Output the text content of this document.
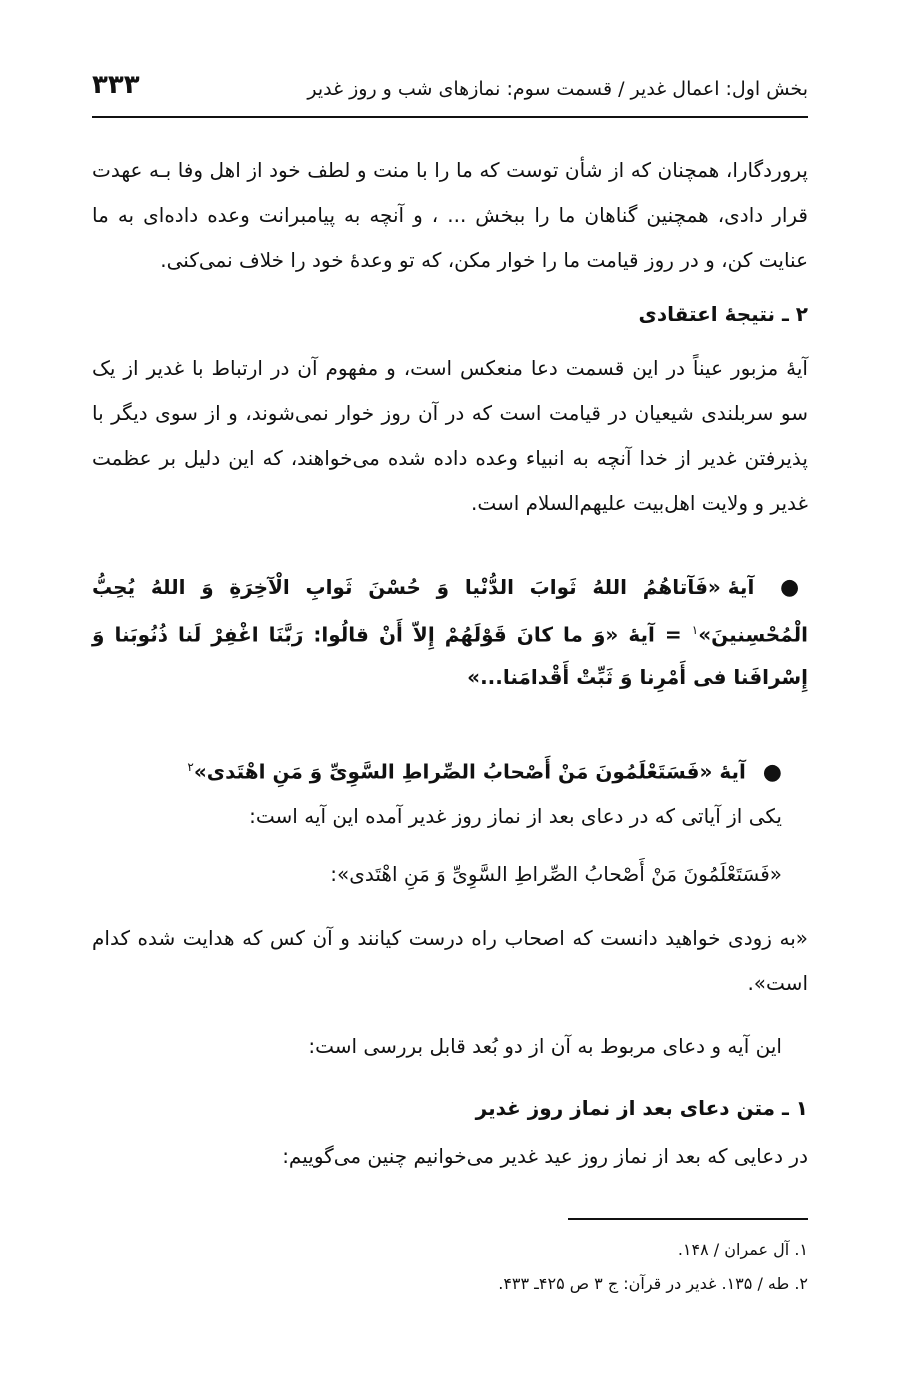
بخش اول: اعمال غدیر / قسمت سوم: نمازهای شب و روز غدیر
۳۳۳
پروردگارا، همچنان که از شأن توست که ما را با منت و لطف خود از اهل وفا بـه عهدت قرار دادی، همچنین گناهان ما را ببخش ... ، و آنچه به پیامبرانت وعده داده‌ای به ما عنایت کن، و در روز قیامت ما را خوار مکن، که تو وعدۀ خود را خلاف نمی‌کنی.
۲ ـ نتیجۀ اعتقادی
آیۀ مزبور عیناً در این قسمت دعا منعکس است، و مفهوم آن در ارتباط با غدیر از یک سو سربلندی شیعیان در قیامت است که در آن روز خوار نمی‌شوند، و از سوی دیگر با پذیرفتن غدیر از خدا آنچه به انبیاء وعده داده شده می‌خواهند، که این دلیل بر عظمت غدیر و ولایت اهل‌بیت علیهم‌السلام است.
● آیۀ «فَآتاهُمُ اللهُ ثَوابَ الدُّنْیا وَ حُسْنَ ثَوابِ الْآخِرَةِ وَ اللهُ یُحِبُّ الْمُحْسِنینَ»$^۱$ = آیۀ «وَ ما كانَ قَوْلَهُمْ إِلاّ أَنْ قالُوا: رَبَّنَا اغْفِرْ لَنا ذُنُوبَنا وَ إِسْرافَنا فی أَمْرِنا وَ ثَبِّتْ أَقْدامَنا...»
● آیۀ «فَسَتَعْلَمُونَ مَنْ أَصْحابُ الصِّراطِ السَّوِیِّ وَ مَنِ اهْتَدی»$^۲$
یکی از آیاتی که در دعای بعد از نماز روز غدیر آمده این آیه است:
«فَسَتَعْلَمُونَ مَنْ أَصْحابُ الصِّراطِ السَّوِیِّ وَ مَنِ اهْتَدی»:
«به زودی خواهید دانست که اصحاب راه درست کیانند و آن کس که هدایت شده کدام است».
این آیه و دعای مربوط به آن از دو بُعد قابل بررسی است:
۱ ـ متن دعای بعد از نماز روز غدیر
در دعایی که بعد از نماز روز عید غدیر می‌خوانیم چنین می‌گوییم:
۱. آل عمران / ۱۴۸.
۲. طه / ۱۳۵. غدیر در قرآن: ج ۳ ص ۴۲۵ـ ۴۳۳.
